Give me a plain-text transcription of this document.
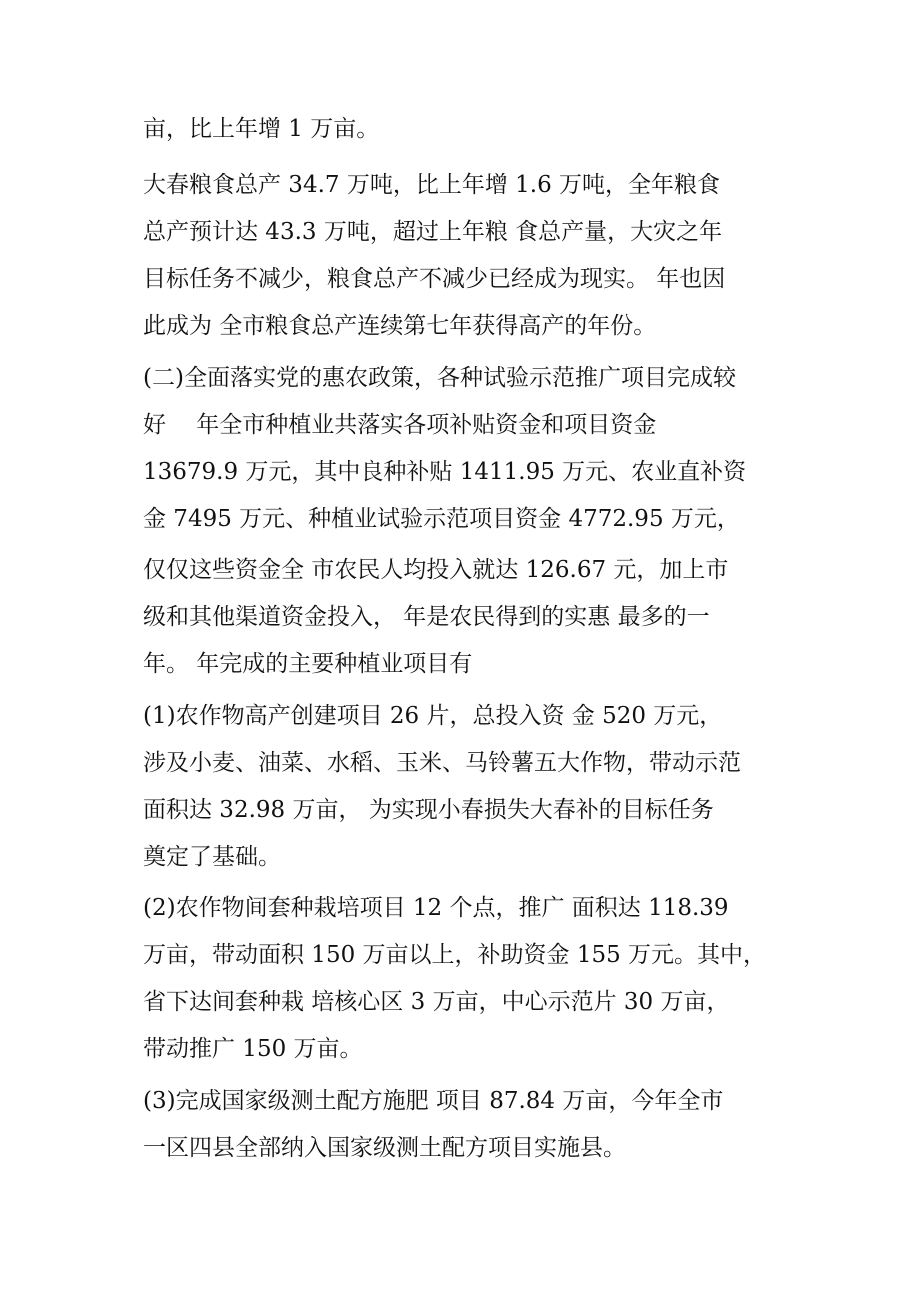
亩，比上年增 1 万亩。
大春粮食总产 34.7 万吨，比上年增 1.6 万吨，全年粮食
总产预计达 43.3 万吨，超过上年粮 食总产量，大灾之年
目标任务不减少，粮食总产不减少已经成为现实。 年也因
此成为 全市粮食总产连续第七年获得高产的年份。
(二)全面落实党的惠农政策，各种试验示范推广项目完成较
好　 年全市种植业共落实各项补贴资金和项目资金
13679.9 万元，其中良种补贴 1411.95 万元、农业直补资
金 7495 万元、种植业试验示范项目资金 4772.95 万元，
仅仅这些资金全 市农民人均投入就达 126.67 元，加上市
级和其他渠道资金投入， 年是农民得到的实惠 最多的一
年。 年完成的主要种植业项目有
(1)农作物高产创建项目 26 片，总投入资 金 520 万元，
涉及小麦、油菜、水稻、玉米、马铃薯五大作物，带动示范
面积达 32.98 万亩， 为实现小春损失大春补的目标任务
奠定了基础。
(2)农作物间套种栽培项目 12 个点，推广 面积达 118.39
万亩，带动面积 150 万亩以上，补助资金 155 万元。其中，
省下达间套种栽 培核心区 3 万亩，中心示范片 30 万亩，
带动推广 150 万亩。
(3)完成国家级测土配方施肥 项目 87.84 万亩，今年全市
一区四县全部纳入国家级测土配方项目实施县。
